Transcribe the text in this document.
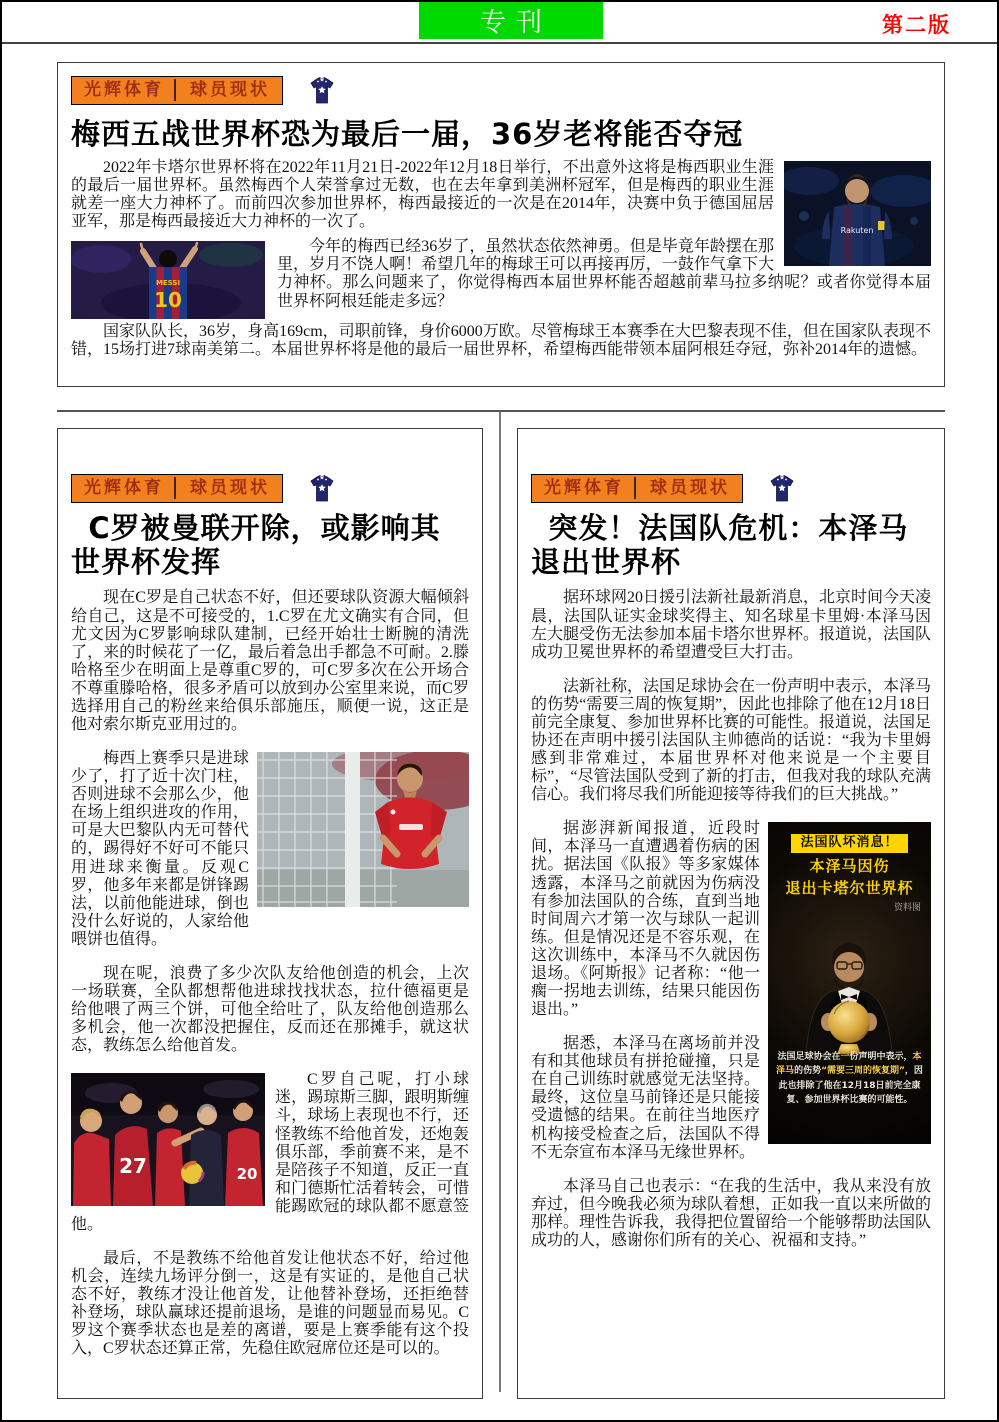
专刊	第二版
光辉体育	球员现状
梅西五战世界杯恐为最后一届，36岁老将能否夺冠
Rakuten

2022年卡塔尔世界杯将在2022年11月21日-2022年12月18日举行，不出意外这将是梅西职业生涯的最后一届世界杯。虽然梅西个人荣誉拿过无数，也在去年拿到美洲杯冠军，但是梅西的职业生涯就差一座大力神杯了。而前四次参加世界杯，梅西最接近的一次是在2014年，决赛中负于德国屈居亚军，那是梅西最接近大力神杯的一次了。

MESSI
10

今年的梅西已经36岁了，虽然状态依然神勇。但是毕竟年龄摆在那里，岁月不饶人啊！希望几年的梅球王可以再接再厉，一鼓作气拿下大力神杯。那么问题来了，你觉得梅西本届世界杯能否超越前辈马拉多纳呢？或者你觉得本届世界杯阿根廷能走多远？

国家队队长，36岁，身高169cm，司职前锋，身价6000万欧。尽管梅球王本赛季在大巴黎表现不佳，但在国家队表现不错，15场打进7球南美第二。本届世界杯将是他的最后一届世界杯，希望梅西能带领本届阿根廷夺冠，弥补2014年的遗憾。

光辉体育	球员现状
C罗被曼联开除，或影响其世界杯发挥

现在C罗是自己状态不好，但还要球队资源大幅倾斜给自己，这是不可接受的，1.C罗在尤文确实有合同，但尤文因为C罗影响球队建制，已经开始壮士断腕的清洗了，来的时候花了一亿，最后着急出手都急不可耐。2.滕哈格至少在明面上是尊重C罗的，可C罗多次在公开场合不尊重滕哈格，很多矛盾可以放到办公室里来说，而C罗选择用自己的粉丝来给俱乐部施压，顺便一说，这正是他对索尔斯克亚用过的。

梅西上赛季只是进球少了，打了近十次门柱，否则进球不会那么少，他在场上组织进攻的作用，可是大巴黎队内无可替代的，踢得好不好可不能只用进球来衡量。反观C罗，他多年来都是饼锋踢法，以前他能进球，倒也没什么好说的，人家给他喂饼也值得。

现在呢，浪费了多少次队友给他创造的机会，上次一场联赛，全队都想帮他进球找找状态，拉什德福更是给他喂了两三个饼，可他全给吐了，队友给他创造那么多机会，他一次都没把握住，反而还在那摊手，就这状态，教练怎么给他首发。

27	20

C罗自己呢，打小球迷，踢琼斯三脚，跟明斯缠斗，球场上表现也不行，还怪教练不给他首发，还炮轰俱乐部，季前赛不来，是不是陪孩子不知道，反正一直和门德斯忙活着转会，可惜能踢欧冠的球队都不愿意签他。

最后，不是教练不给他首发让他状态不好，给过他机会，连续九场评分倒一，这是有实证的，是他自己状态不好，教练才没让他首发，让他替补登场，还拒绝替补登场，球队赢球还提前退场，是谁的问题显而易见。C罗这个赛季状态也是差的离谱，要是上赛季能有这个投入，C罗状态还算正常，先稳住欧冠席位还是可以的。

光辉体育	球员现状
突发！法国队危机：本泽马退出世界杯

据环球网20日援引法新社最新消息，北京时间今天凌晨，法国队证实金球奖得主、知名球星卡里姆·本泽马因左大腿受伤无法参加本届卡塔尔世界杯。报道说，法国队成功卫冕世界杯的希望遭受巨大打击。

法新社称，法国足球协会在一份声明中表示，本泽马的伤势“需要三周的恢复期”，因此也排除了他在12月18日前完全康复、参加世界杯比赛的可能性。报道说，法国足协还在声明中援引法国队主帅德尚的话说：“我为卡里姆感到非常难过，本届世界杯对他来说是一个主要目标”，“尽管法国队受到了新的打击，但我对我的球队充满信心。我们将尽我们所能迎接等待我们的巨大挑战。”

法国队坏消息！
本泽马因伤
退出卡塔尔世界杯
资料图
法国足球协会在一份声明中表示，本泽马的伤势“需要三周的恢复期”，因此也排除了他在12月18日前完全康复、参加世界杯比赛的可能性。

据澎湃新闻报道，近段时间，本泽马一直遭遇着伤病的困扰。据法国《队报》等多家媒体透露，本泽马之前就因为伤病没有参加法国队的合练，直到当地时间周六才第一次与球队一起训练。但是情况还是不容乐观，在这次训练中，本泽马不久就因伤退场。《阿斯报》记者称：“他一瘸一拐地去训练，结果只能因伤退出。”

据悉，本泽马在离场前并没有和其他球员有拼抢碰撞，只是在自己训练时就感觉无法坚持。最终，这位皇马前锋还是只能接受遗憾的结果。在前往当地医疗机构接受检查之后，法国队不得不无奈宣布本泽马无缘世界杯。

本泽马自己也表示：“在我的生活中，我从来没有放弃过，但今晚我必须为球队着想，正如我一直以来所做的那样。理性告诉我，我得把位置留给一个能够帮助法国队成功的人，感谢你们所有的关心、祝福和支持。”
